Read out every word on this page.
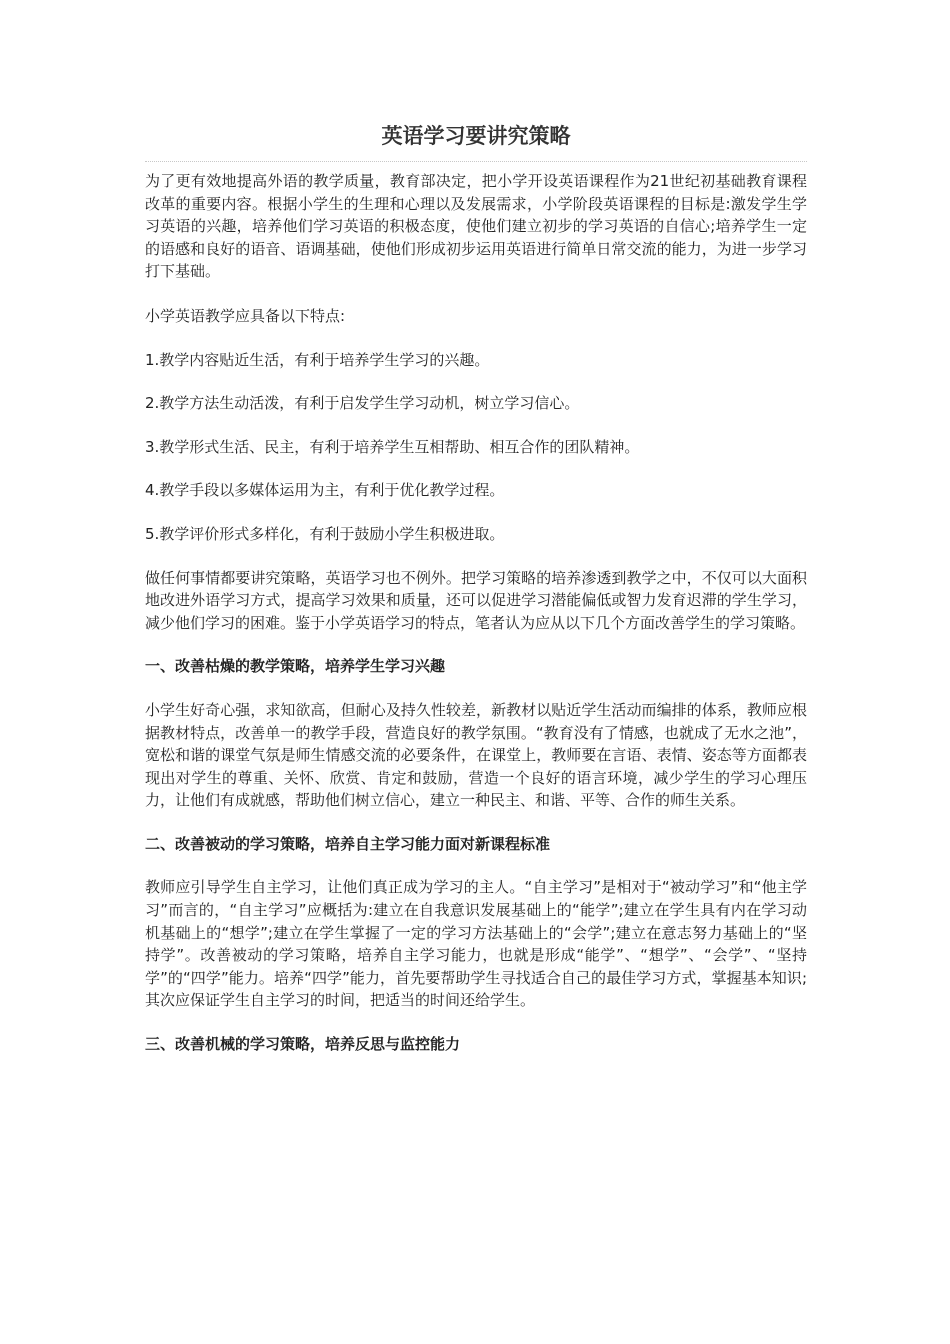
英语学习要讲究策略

为了更有效地提高外语的教学质量，教育部决定，把小学开设英语课程作为21世纪初基础教育课程改革的重要内容。根据小学生的生理和心理以及发展需求，小学阶段英语课程的目标是:激发学生学习英语的兴趣，培养他们学习英语的积极态度，使他们建立初步的学习英语的自信心;培养学生一定的语感和良好的语音、语调基础，使他们形成初步运用英语进行简单日常交流的能力，为进一步学习打下基础。

小学英语教学应具备以下特点:

1.教学内容贴近生活，有利于培养学生学习的兴趣。

2.教学方法生动活泼，有利于启发学生学习动机，树立学习信心。

3.教学形式生活、民主，有利于培养学生互相帮助、相互合作的团队精神。

4.教学手段以多媒体运用为主，有利于优化教学过程。

5.教学评价形式多样化，有利于鼓励小学生积极进取。

做任何事情都要讲究策略，英语学习也不例外。把学习策略的培养渗透到教学之中，不仅可以大面积地改进外语学习方式，提高学习效果和质量，还可以促进学习潜能偏低或智力发育迟滞的学生学习，减少他们学习的困难。鉴于小学英语学习的特点，笔者认为应从以下几个方面改善学生的学习策略。

一、改善枯燥的教学策略，培养学生学习兴趣

小学生好奇心强，求知欲高，但耐心及持久性较差，新教材以贴近学生活动而编排的体系，教师应根据教材特点，改善单一的教学手段，营造良好的教学氛围。“教育没有了情感，也就成了无水之池”，宽松和谐的课堂气氛是师生情感交流的必要条件，在课堂上，教师要在言语、表情、姿态等方面都表现出对学生的尊重、关怀、欣赏、肯定和鼓励，营造一个良好的语言环境，减少学生的学习心理压力，让他们有成就感，帮助他们树立信心，建立一种民主、和谐、平等、合作的师生关系。

二、改善被动的学习策略，培养自主学习能力面对新课程标准

教师应引导学生自主学习，让他们真正成为学习的主人。“自主学习”是相对于“被动学习”和“他主学习”而言的，“自主学习”应概括为:建立在自我意识发展基础上的“能学”;建立在学生具有内在学习动机基础上的“想学”;建立在学生掌握了一定的学习方法基础上的“会学”;建立在意志努力基础上的“坚持学”。改善被动的学习策略，培养自主学习能力，也就是形成“能学”、“想学”、“会学”、“坚持学”的“四学”能力。培养“四学”能力，首先要帮助学生寻找适合自己的最佳学习方式，掌握基本知识;其次应保证学生自主学习的时间，把适当的时间还给学生。

三、改善机械的学习策略，培养反思与监控能力
